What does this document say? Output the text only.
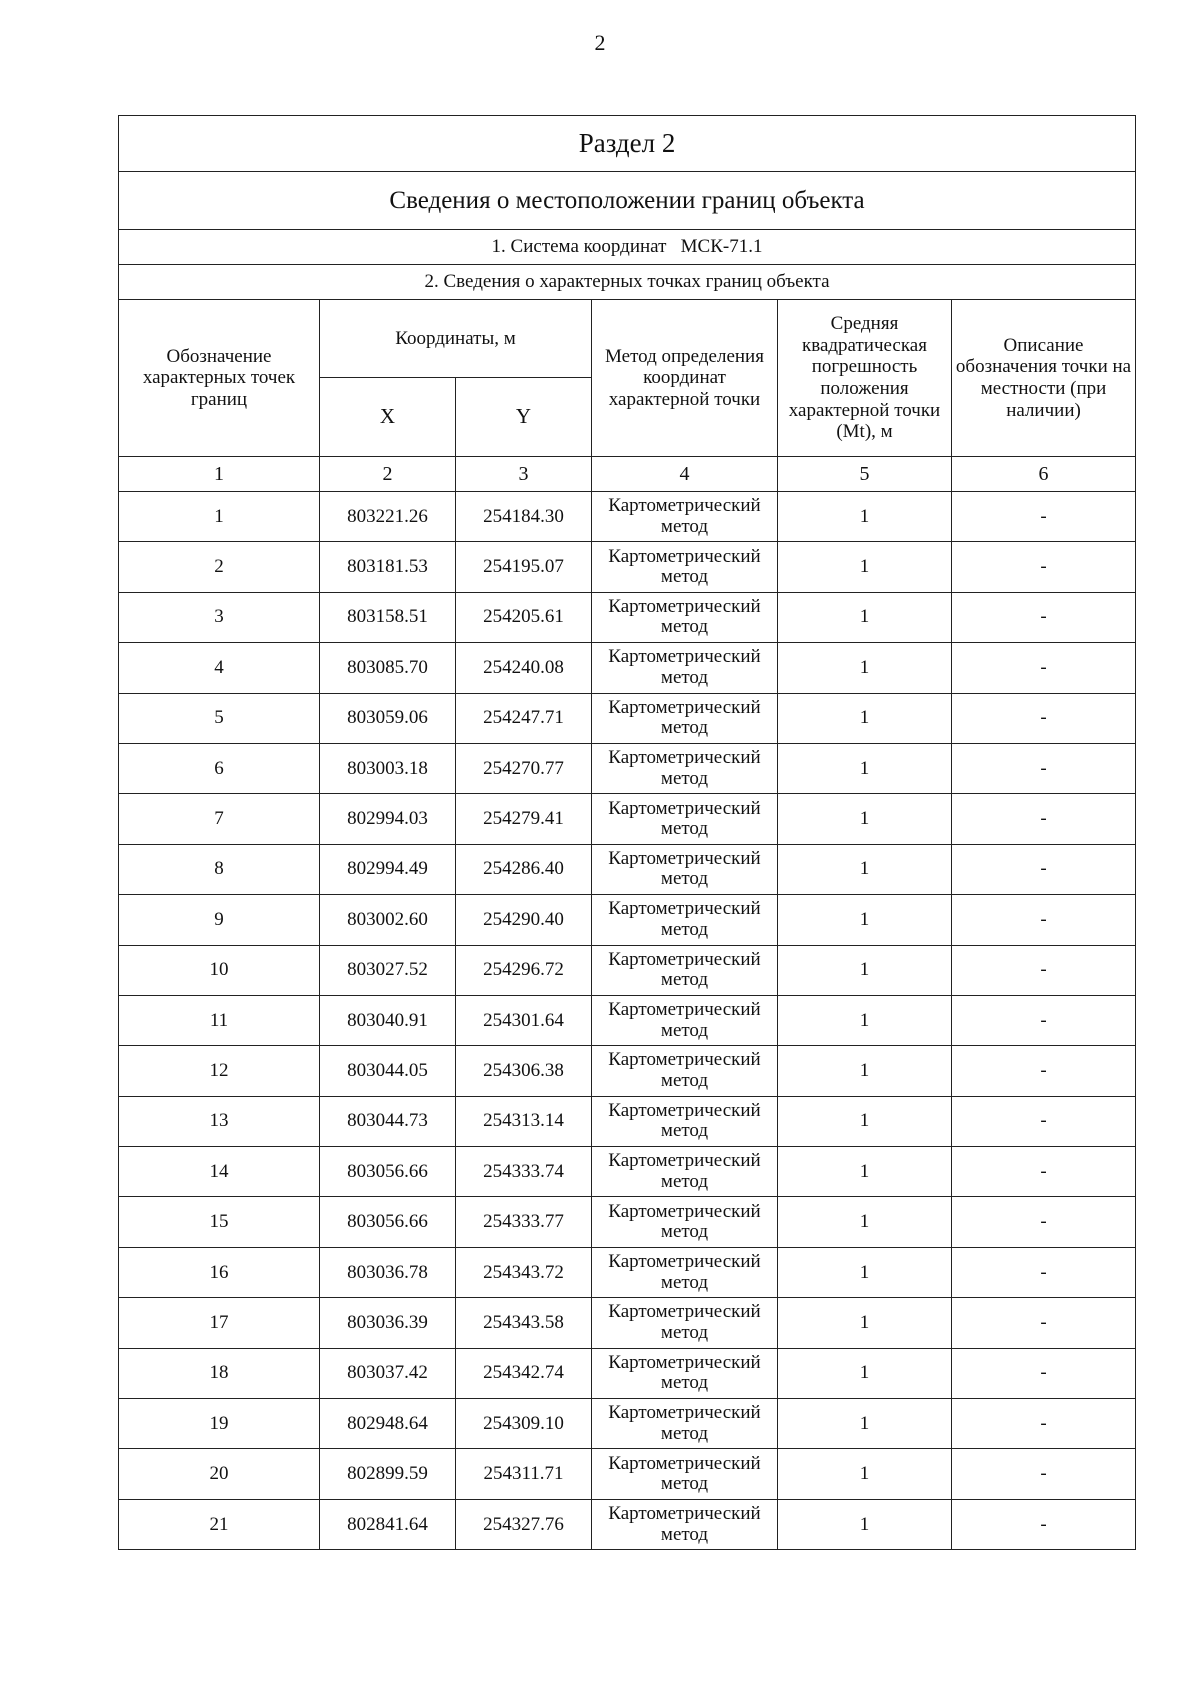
2
Раздел 2					
Сведения о местоположении границ объекта					
1. Система координат   МСК-71.1					
2. Сведения о характерных точках границ объекта					
Обозначение характерных точек границ	Координаты, м		Метод определения координат характерной точки	Средняя квадратическая погрешность положения характерной точки (Mt), м	Описание обозначения точки на местности (при наличии)
	X	Y			
1	2	3	4	5	6
1	803221.26	254184.30	Картометрический метод	1	-
2	803181.53	254195.07	Картометрический метод	1	-
3	803158.51	254205.61	Картометрический метод	1	-
4	803085.70	254240.08	Картометрический метод	1	-
5	803059.06	254247.71	Картометрический метод	1	-
6	803003.18	254270.77	Картометрический метод	1	-
7	802994.03	254279.41	Картометрический метод	1	-
8	802994.49	254286.40	Картометрический метод	1	-
9	803002.60	254290.40	Картометрический метод	1	-
10	803027.52	254296.72	Картометрический метод	1	-
11	803040.91	254301.64	Картометрический метод	1	-
12	803044.05	254306.38	Картометрический метод	1	-
13	803044.73	254313.14	Картометрический метод	1	-
14	803056.66	254333.74	Картометрический метод	1	-
15	803056.66	254333.77	Картометрический метод	1	-
16	803036.78	254343.72	Картометрический метод	1	-
17	803036.39	254343.58	Картометрический метод	1	-
18	803037.42	254342.74	Картометрический метод	1	-
19	802948.64	254309.10	Картометрический метод	1	-
20	802899.59	254311.71	Картометрический метод	1	-
21	802841.64	254327.76	Картометрический метод	1	-
